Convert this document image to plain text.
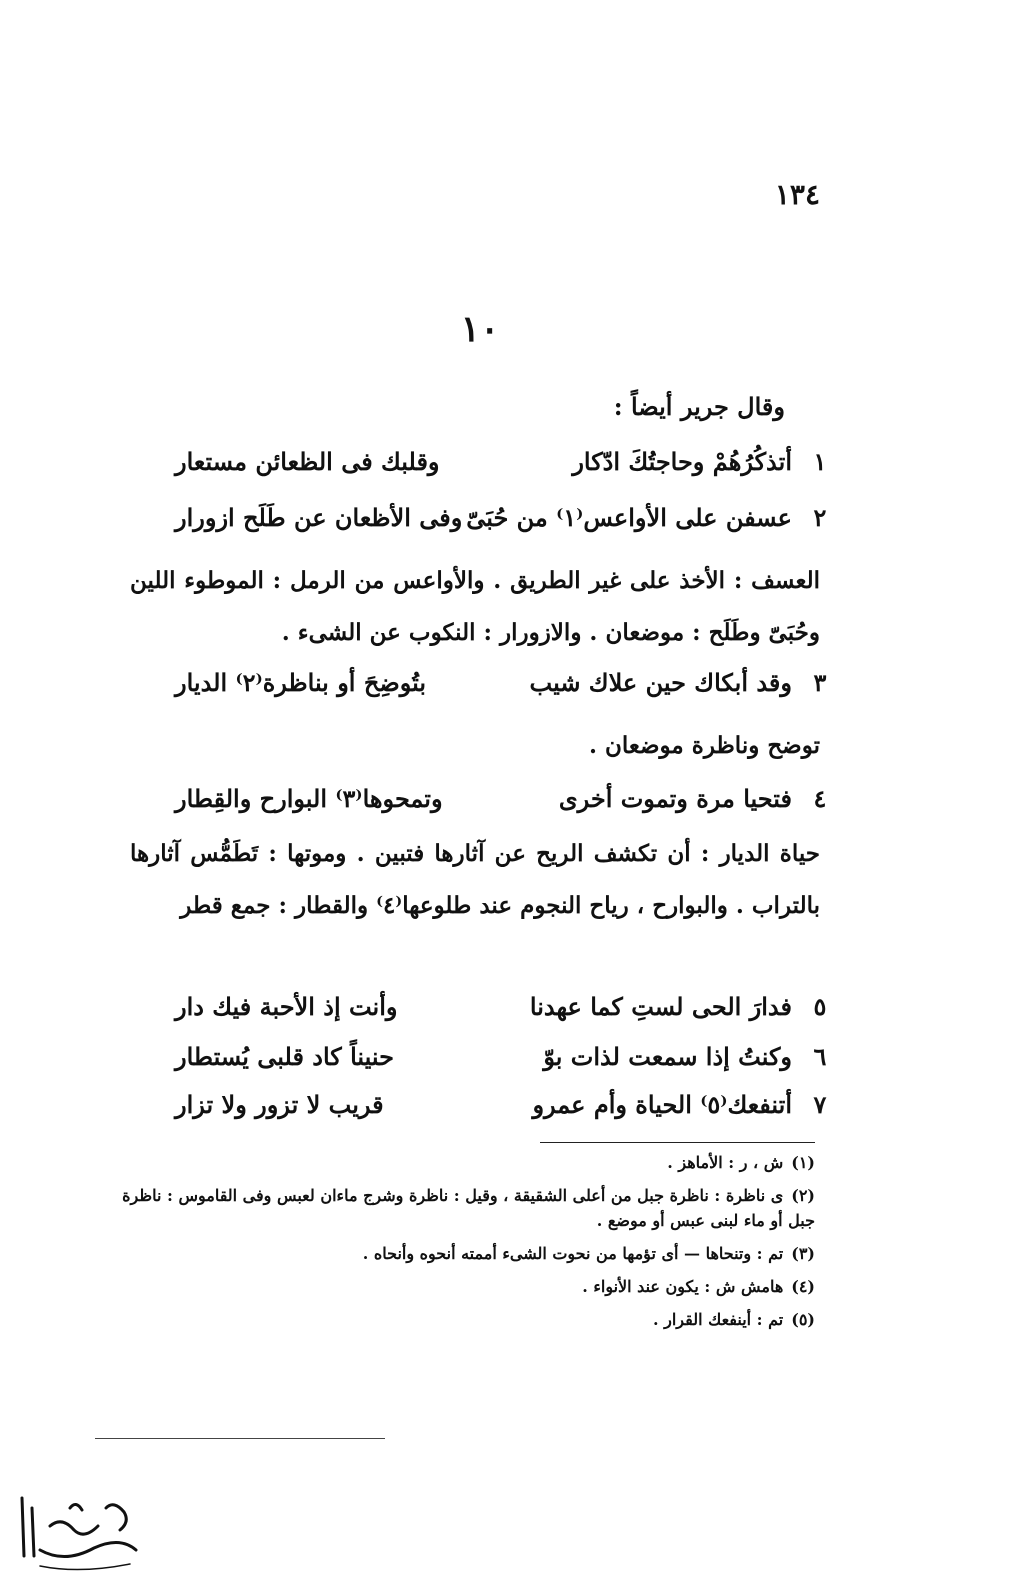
١٣٤
١٠
وقال جرير أيضاً :
١
أتذكُرُهُمْ وحاجتُكَ ادّكار
وقلبك فى الظعائن مستعار
٢
عسفن على الأواعس⁽١⁾ من حُبَىّ
وفى الأظعان عن طَلَح ازورار
العسف : الأخذ على غير الطريق . والأواعس من الرمل : الموطوء اللين وحُبَىّ وطَلَح : موضعان . والازورار : النكوب عن الشىء .
٣
وقد أبكاك حين علاك شيب
بتُوضِحَ أو بناظرة⁽٢⁾ الديار
توضح وناظرة موضعان .
٤
فتحيا مرة وتموت أخرى
وتمحوها⁽٣⁾ البوارح والقِطار
حياة الديار : أن تكشف الريح عن آثارها فتبين . وموتها : تَطَمُّس آثارها بالتراب . والبوارح ، رياح النجوم عند طلوعها⁽٤⁾ والقطار : جمع قطر
٥
فدارَ الحى لستِ كما عهدنا
وأنت إذ الأحبة فيك دار
٦
وكنتُ إذا سمعت لذات بوّ
حنيناً كاد قلبى يُستطار
٧
أتنفعك⁽٥⁾ الحياة وأم عمرو
قريب لا تزور ولا تزار
(١)ش ، ر : الأماهز .
(٢)ى ناظرة : ناظرة جبل من أعلى الشقيقة ، وقيل : ناظرة وشرج ماءان لعبس وفى القاموس : ناظرة جبل أو ماء لبنى عبس أو موضع .
(٣)تم : وتنحاها — أى تؤمها من نحوت الشىء أممته أنحوه وأنحاه .
(٤)هامش ش : يكون عند الأنواء .
(٥)تم : أينفعك القرار .
